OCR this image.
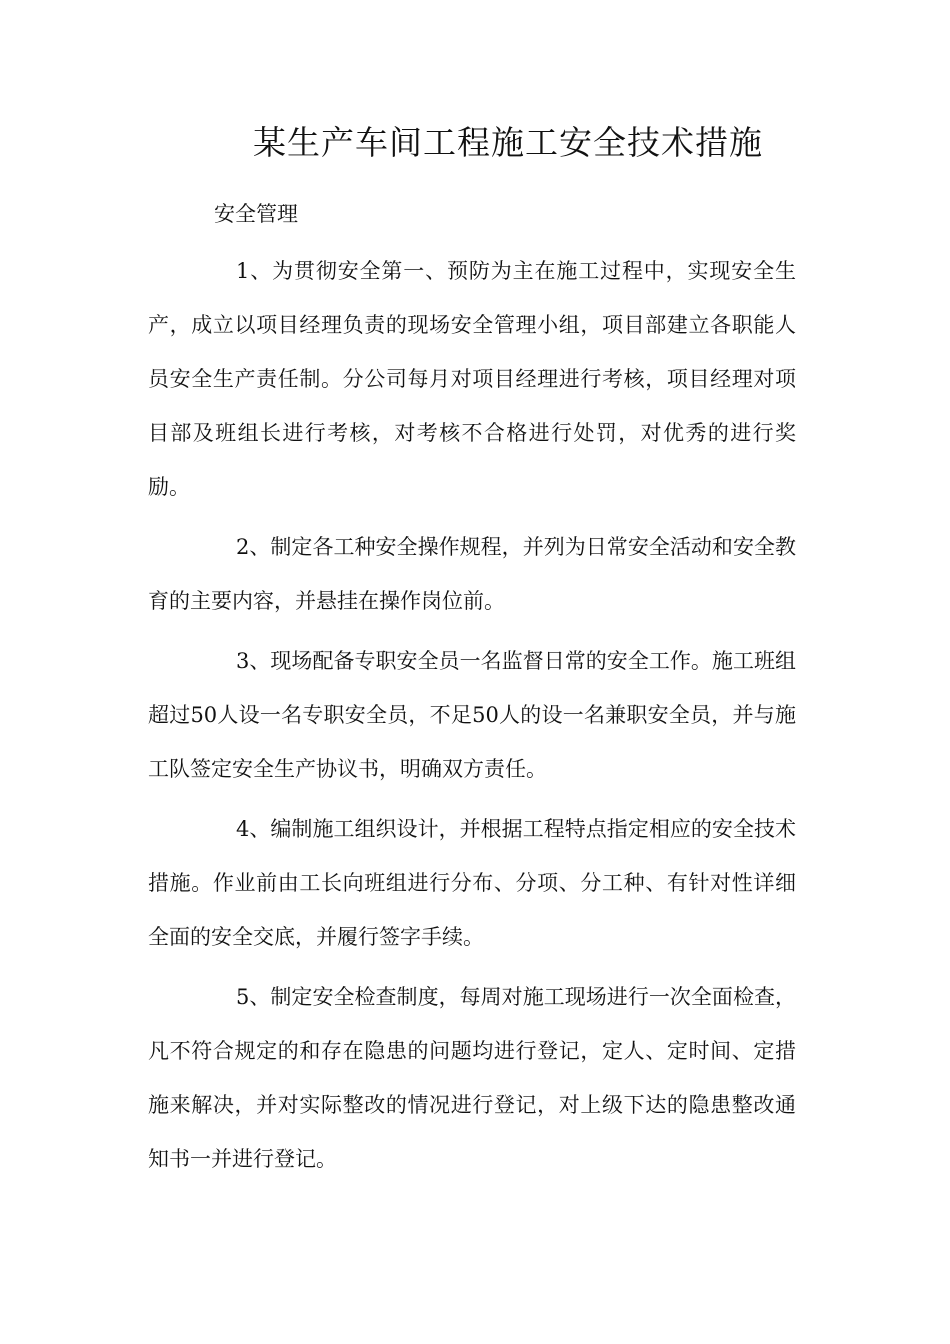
某生产车间工程施工安全技术措施
安全管理

1、为贯彻安全第一、预防为主在施工过程中，实现安全生产，成立以项目经理负责的现场安全管理小组，项目部建立各职能人员安全生产责任制。分公司每月对项目经理进行考核，项目经理对项目部及班组长进行考核，对考核不合格进行处罚，对优秀的进行奖励。

2、制定各工种安全操作规程，并列为日常安全活动和安全教育的主要内容，并悬挂在操作岗位前。

3、现场配备专职安全员一名监督日常的安全工作。施工班组超过50人设一名专职安全员，不足50人的设一名兼职安全员，并与施工队签定安全生产协议书，明确双方责任。

4、编制施工组织设计，并根据工程特点指定相应的安全技术措施。作业前由工长向班组进行分布、分项、分工种、有针对性详细全面的安全交底，并履行签字手续。

5、制定安全检查制度，每周对施工现场进行一次全面检查，凡不符合规定的和存在隐患的问题均进行登记，定人、定时间、定措施来解决，并对实际整改的情况进行登记，对上级下达的隐患整改通知书一并进行登记。
